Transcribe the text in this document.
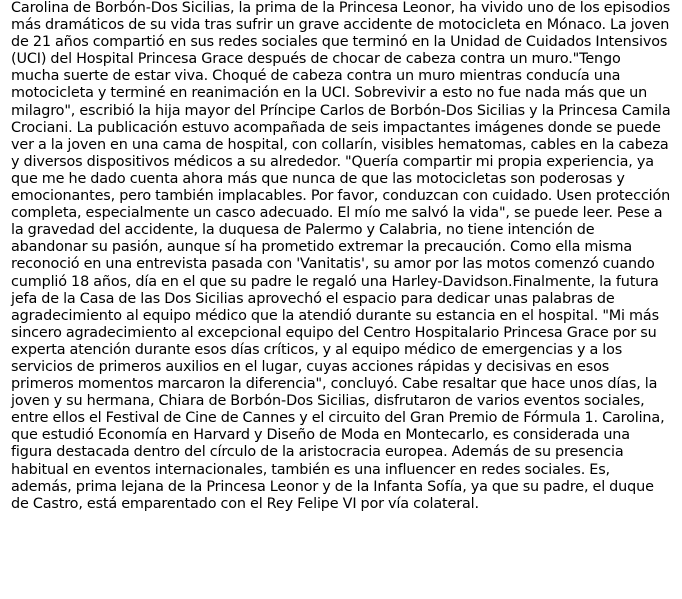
Carolina de Borbón-Dos Sicilias, la prima de la Princesa Leonor, ha vivido uno de los episodios más dramáticos de su vida tras sufrir un grave accidente de motocicleta en Mónaco. La joven de 21 años compartió en sus redes sociales que terminó en la Unidad de Cuidados Intensivos (UCI) del Hospital Princesa Grace después de chocar de cabeza contra un muro."Tengo mucha suerte de estar viva. Choqué de cabeza contra un muro mientras conducía una motocicleta y terminé en reanimación en la UCI. Sobrevivir a esto no fue nada más que un milagro", escribió la hija mayor del Príncipe Carlos de Borbón-Dos Sicilias y la Princesa Camila Crociani. La publicación estuvo acompañada de seis impactantes imágenes donde se puede ver a la joven en una cama de hospital, con collarín, visibles hematomas, cables en la cabeza y diversos dispositivos médicos a su alrededor. "Quería compartir mi propia experiencia, ya que me he dado cuenta ahora más que nunca de que las motocicletas son poderosas y emocionantes, pero también implacables. Por favor, conduzcan con cuidado. Usen protección completa, especialmente un casco adecuado. El mío me salvó la vida", se puede leer. Pese a la gravedad del accidente, la duquesa de Palermo y Calabria, no tiene intención de abandonar su pasión, aunque sí ha prometido extremar la precaución. Como ella misma reconoció en una entrevista pasada con 'Vanitatis', su amor por las motos comenzó cuando cumplió 18 años, día en el que su padre le regaló una Harley-Davidson.Finalmente, la futura jefa de la Casa de las Dos Sicilias aprovechó el espacio para dedicar unas palabras de agradecimiento al equipo médico que la atendió durante su estancia en el hospital. "Mi más sincero agradecimiento al excepcional equipo del Centro Hospitalario Princesa Grace por su experta atención durante esos días críticos, y al equipo médico de emergencias y a los servicios de primeros auxilios en el lugar, cuyas acciones rápidas y decisivas en esos primeros momentos marcaron la diferencia", concluyó. Cabe resaltar que hace unos días, la joven y su hermana, Chiara de Borbón-Dos Sicilias, disfrutaron de varios eventos sociales, entre ellos el Festival de Cine de Cannes y el circuito del Gran Premio de Fórmula 1. Carolina, que estudió Economía en Harvard y Diseño de Moda en Montecarlo, es considerada una figura destacada dentro del círculo de la aristocracia europea. Además de su presencia habitual en eventos internacionales, también es una influencer en redes sociales. Es, además, prima lejana de la Princesa Leonor y de la Infanta Sofía, ya que su padre, el duque de Castro, está emparentado con el Rey Felipe VI por vía colateral.
